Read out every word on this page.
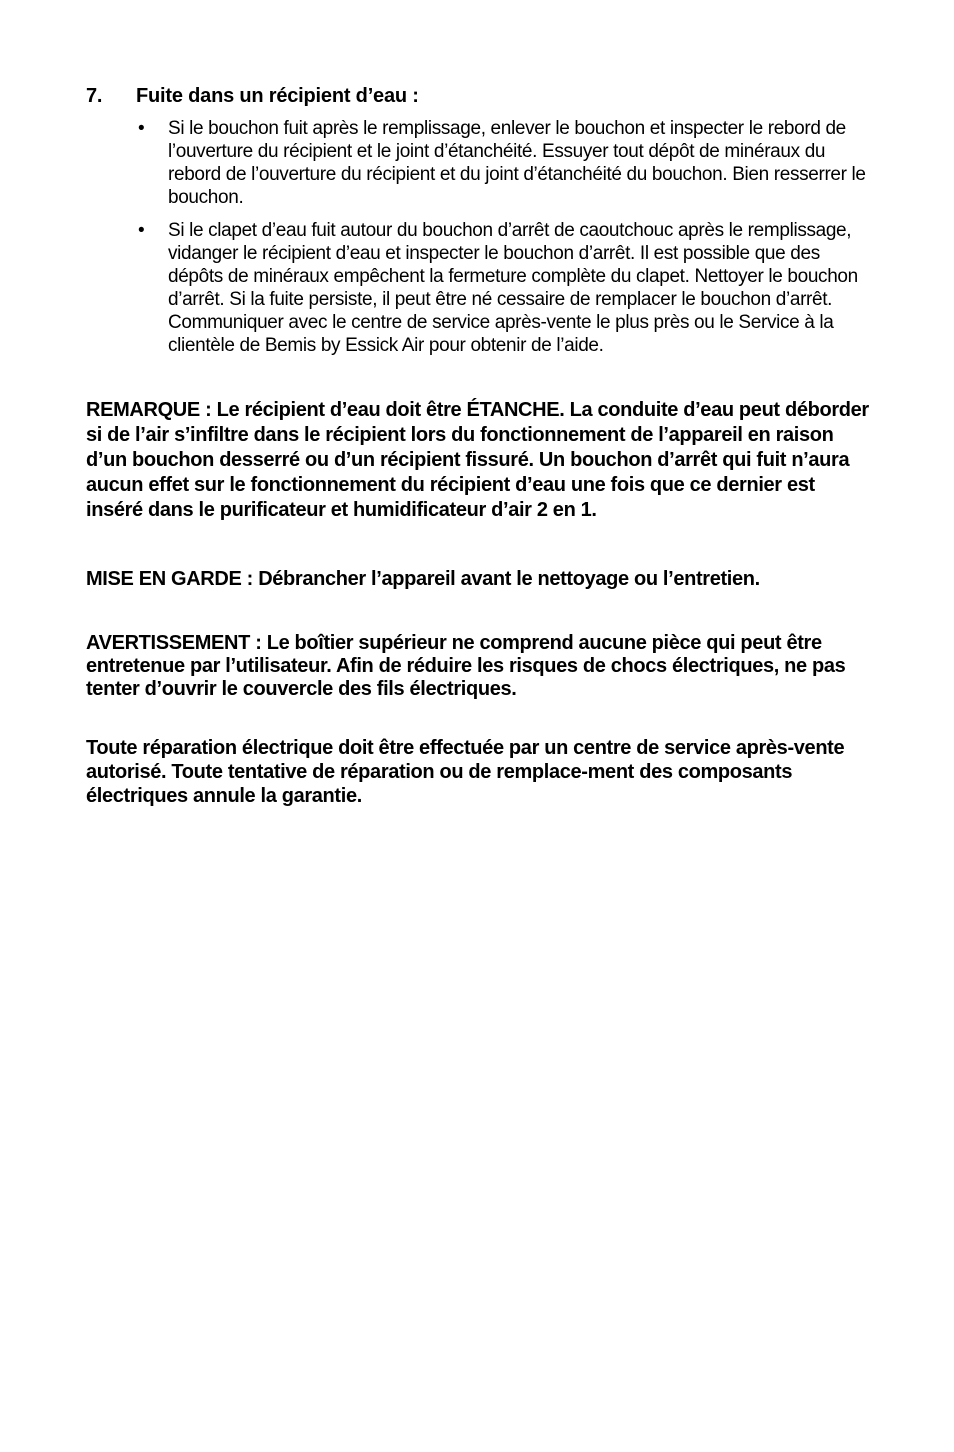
7. Fuite dans un récipient d’eau :
• Si le bouchon fuit après le remplissage, enlever le bouchon et inspecter le rebord de l’ouverture du récipient et le joint d’étanchéité. Essuyer tout dépôt de minéraux du rebord de l’ouverture du récipient et du joint d’étanchéité du bouchon. Bien resserrer le bouchon.
• Si le clapet d’eau fuit autour du bouchon d’arrêt de caoutchouc après le remplissage, vidanger le récipient d’eau et inspecter le bouchon d’arrêt. Il est possible que des dépôts de minéraux empêchent la fermeture complète du clapet. Nettoyer le bouchon d’arrêt. Si la fuite persiste, il peut être né cessaire de remplacer le bouchon d’arrêt. Communiquer avec le centre de service après-vente le plus près ou le Service à la clientèle de Bemis by Essick Air pour obtenir de l’aide.

REMARQUE : Le récipient d’eau doit être ÉTANCHE. La conduite d’eau peut déborder si de l’air s’infiltre dans le récipient lors du fonctionnement de l’appareil en raison d’un bouchon desserré ou d’un récipient fissuré. Un bouchon d’arrêt qui fuit n’aura aucun effet sur le fonctionnement du récipient d’eau une fois que ce dernier est inséré dans le purificateur et humidificateur d’air 2 en 1.

MISE EN GARDE : Débrancher l’appareil avant le nettoyage ou l’entretien.

AVERTISSEMENT : Le boîtier supérieur ne comprend aucune pièce qui peut être entretenue par l’utilisateur. Afin de réduire les risques de chocs électriques, ne pas tenter d’ouvrir le couvercle des fils électriques.

Toute réparation électrique doit être effectuée par un centre de service après-vente autorisé. Toute tentative de réparation ou de remplace-ment des composants électriques annule la garantie.
